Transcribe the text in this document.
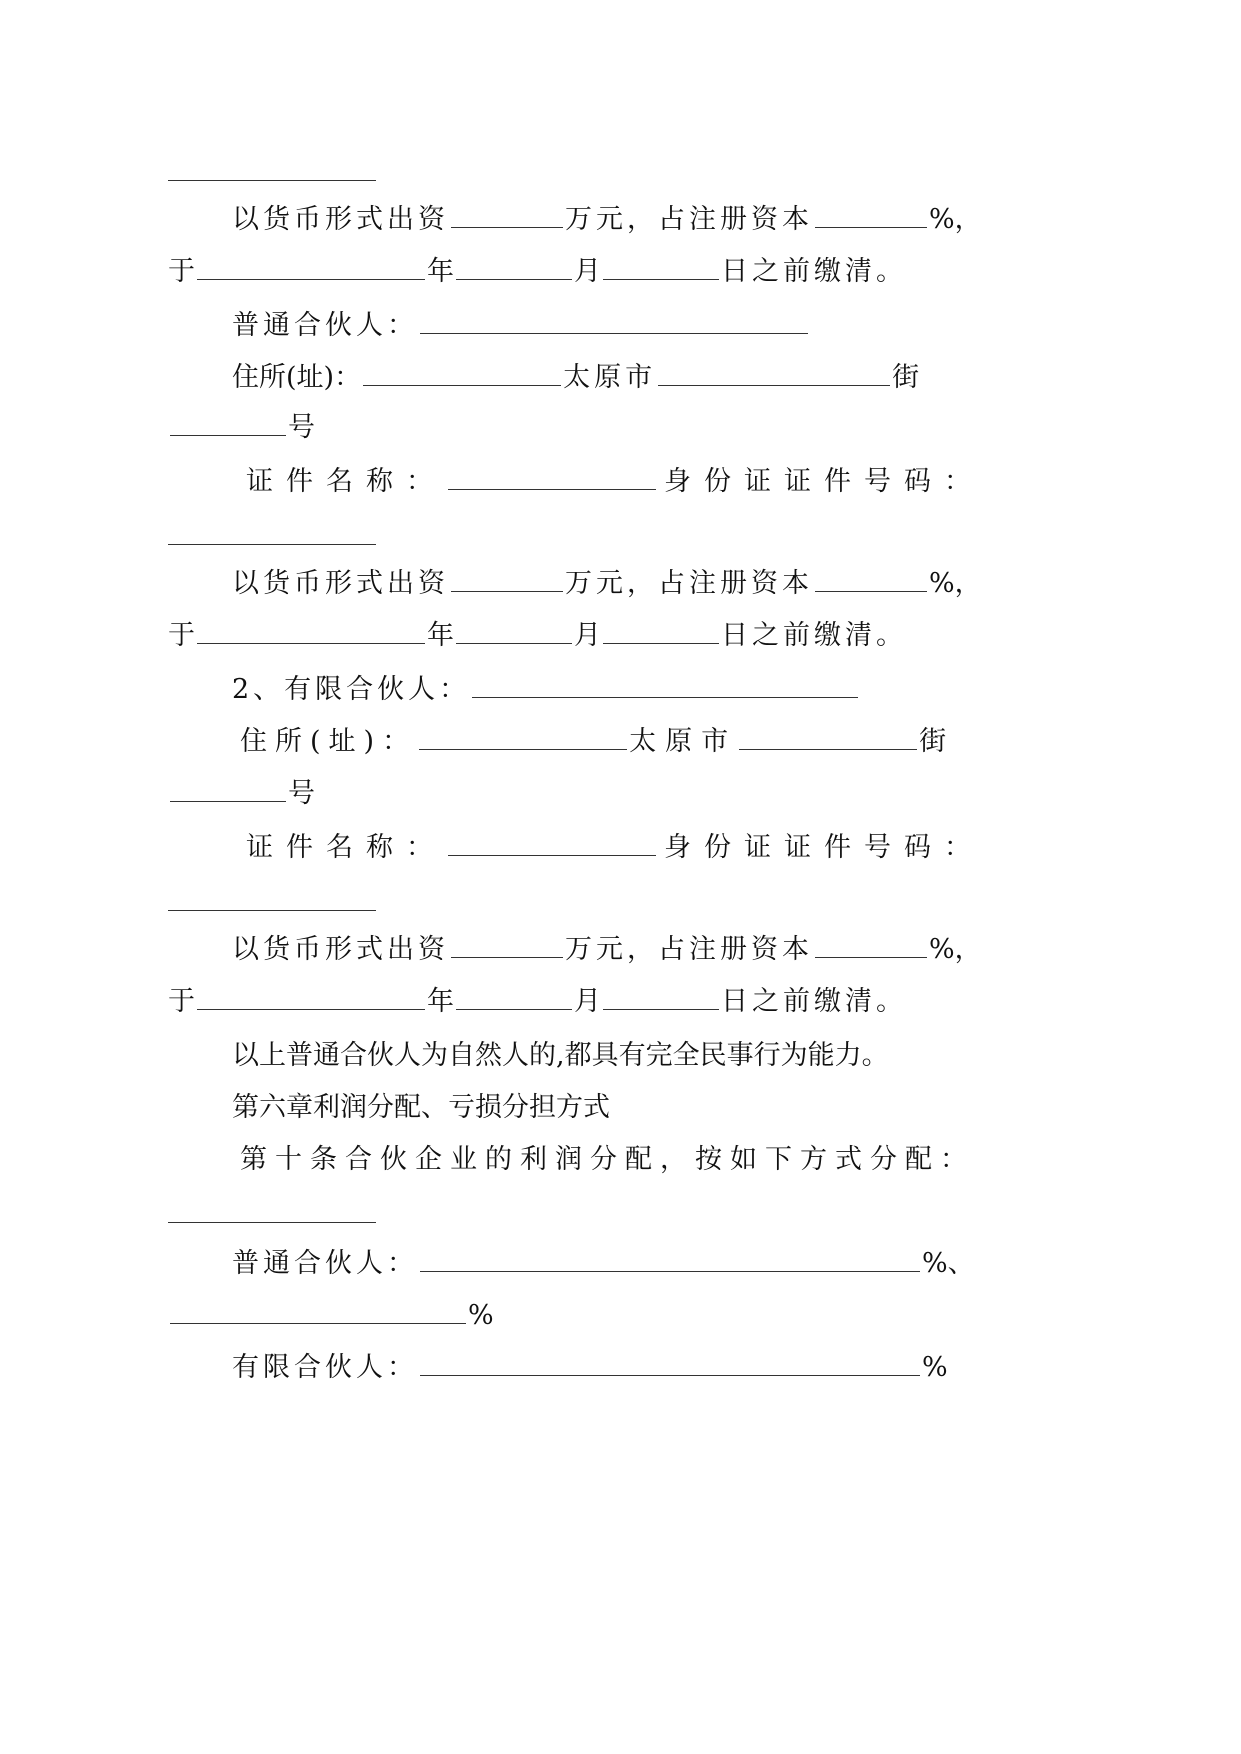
以货币形式出资	万元，占注册资本	%，
于	年	月	日之前缴清。
普通合伙人：
住所(址)：	太原市	街
号
证件名称：	身份证证件号码：
以货币形式出资	万元，占注册资本	%，
于	年	月	日之前缴清。
2、有限合伙人：
住所(址)：	太原市	街
号
证件名称：	身份证证件号码：
以货币形式出资	万元，占注册资本	%，
于	年	月	日之前缴清。
以上普通合伙人为自然人的,都具有完全民事行为能力。
第六章利润分配、亏损分担方式
第十条合伙企业的利润分配，按如下方式分配：
普通合伙人：	%、
%
有限合伙人：	%
